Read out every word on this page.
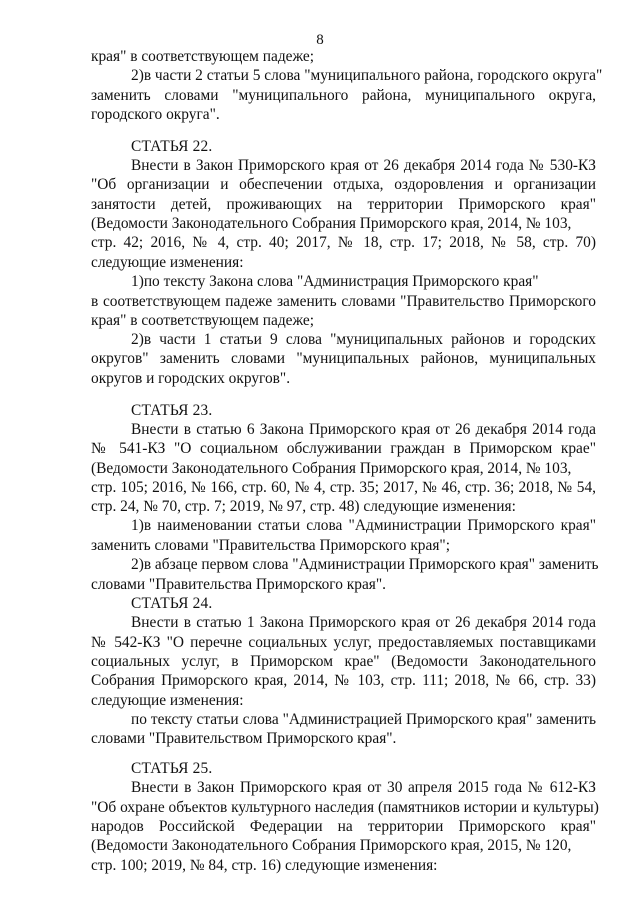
8
края" в соответствующем падеже;
2)в части 2 статьи 5 слова "муниципального района, городского округа"
заменить словами "муниципального района, муниципального округа,
городского округа".
СТАТЬЯ 22.
Внести в Закон Приморского края от 26 декабря 2014 года № 530-КЗ
"Об организации и обеспечении отдыха, оздоровления и организации
занятости детей, проживающих на территории Приморского края"
(Ведомости Законодательного Собрания Приморского края, 2014, № 103,
стр. 42; 2016, № 4, стр. 40; 2017, № 18, стр. 17; 2018, № 58, стр. 70)
следующие изменения:
1)по тексту Закона слова "Администрация Приморского края"
в соответствующем падеже заменить словами "Правительство Приморского
края" в соответствующем падеже;
2)в части 1 статьи 9 слова "муниципальных районов и городских
округов" заменить словами "муниципальных районов, муниципальных
округов и городских округов".
СТАТЬЯ 23.
Внести в статью 6 Закона Приморского края от 26 декабря 2014 года
№ 541-КЗ "О социальном обслуживании граждан в Приморском крае"
(Ведомости Законодательного Собрания Приморского края, 2014, № 103,
стр. 105; 2016, № 166, стр. 60, № 4, стр. 35; 2017, № 46, стр. 36; 2018, № 54,
стр. 24, № 70, стр. 7; 2019, № 97, стр. 48) следующие изменения:
1)в наименовании статьи слова "Администрации Приморского края"
заменить словами "Правительства Приморского края";
2)в абзаце первом слова "Администрации Приморского края" заменить
словами "Правительства Приморского края".
СТАТЬЯ 24.
Внести в статью 1 Закона Приморского края от 26 декабря 2014 года
№ 542-КЗ "О перечне социальных услуг, предоставляемых поставщиками
социальных услуг, в Приморском крае" (Ведомости Законодательного
Собрания Приморского края, 2014, № 103, стр. 111; 2018, № 66, стр. 33)
следующие изменения:
по тексту статьи слова "Администрацией Приморского края" заменить
словами "Правительством Приморского края".
СТАТЬЯ 25.
Внести в Закон Приморского края от 30 апреля 2015 года № 612-КЗ
"Об охране объектов культурного наследия (памятников истории и культуры)
народов Российской Федерации на территории Приморского края"
(Ведомости Законодательного Собрания Приморского края, 2015, № 120,
стр. 100; 2019, № 84, стр. 16) следующие изменения:
